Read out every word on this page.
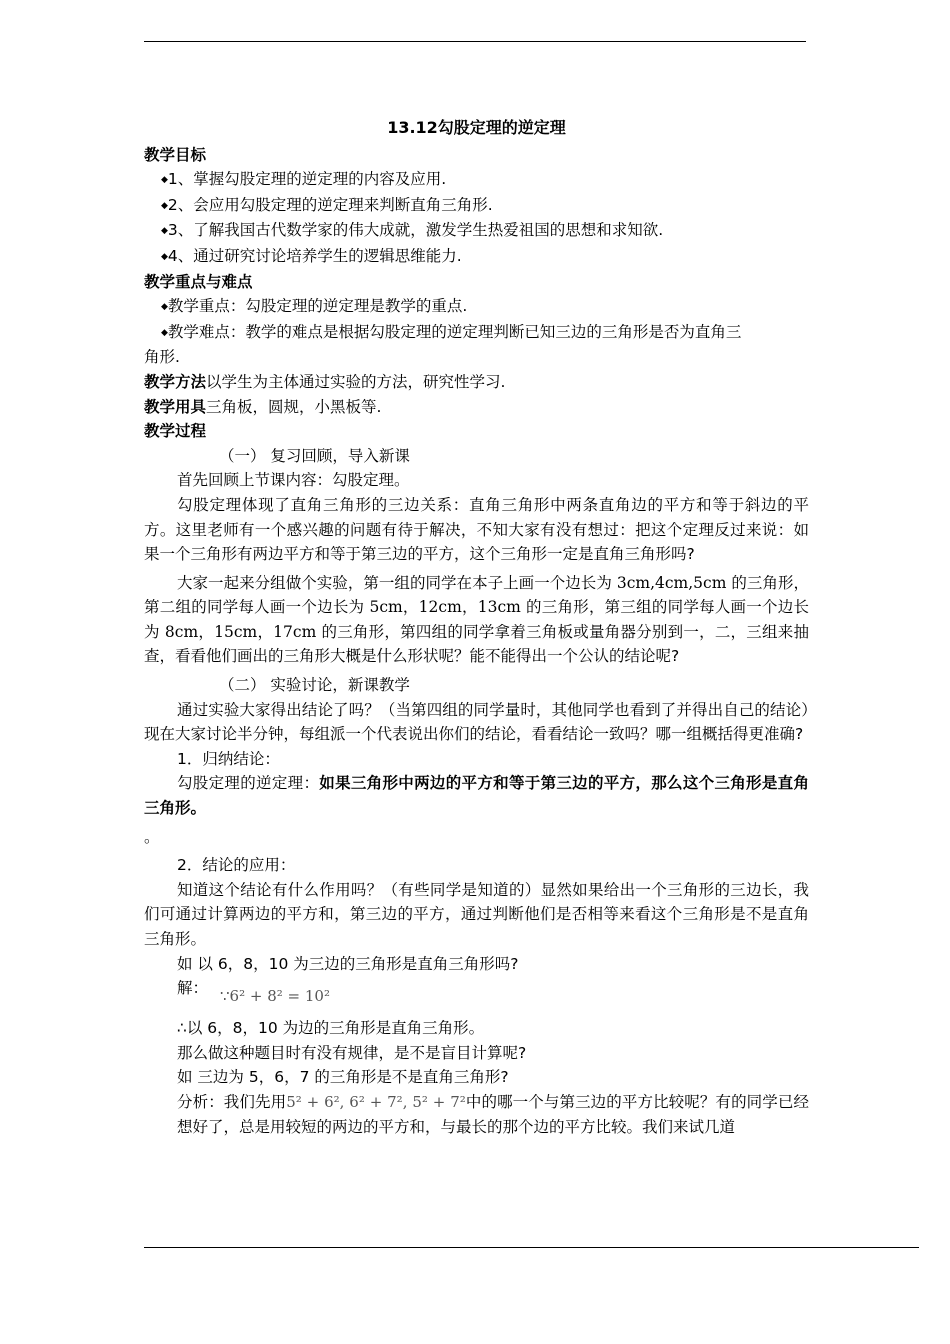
13.12勾股定理的逆定理
教学目标
◆1、掌握勾股定理的逆定理的内容及应用.
◆2、会应用勾股定理的逆定理来判断直角三角形.
◆3、了解我国古代数学家的伟大成就，激发学生热爱祖国的思想和求知欲.
◆4、通过研究讨论培养学生的逻辑思维能力.
教学重点与难点
◆教学重点：勾股定理的逆定理是教学的重点.
◆教学难点：教学的难点是根据勾股定理的逆定理判断已知三边的三角形是否为直角三
角形.
教学方法以学生为主体通过实验的方法，研究性学习.
教学用具三角板，圆规，小黑板等.
教学过程
（一） 复习回顾，导入新课
首先回顾上节课内容：勾股定理。

勾股定理体现了直角三角形的三边关系：直角三角形中两条直角边的平方和等于斜边的平方。这里老师有一个感兴趣的问题有待于解决，不知大家有没有想过：把这个定理反过来说：如果一个三角形有两边平方和等于第三边的平方，这个三角形一定是直角三角形吗?

大家一起来分组做个实验，第一组的同学在本子上画一个边长为 3cm,4cm,5cm 的三角形，第二组的同学每人画一个边长为 5cm，12cm，13cm 的三角形，第三组的同学每人画一个边长为 8cm，15cm，17cm 的三角形，第四组的同学拿着三角板或量角器分别到一，二，三组来抽查，看看他们画出的三角形大概是什么形状呢？能不能得出一个公认的结论呢?

（二） 实验讨论，新课教学

通过实验大家得出结论了吗？（当第四组的同学量时，其他同学也看到了并得出自己的结论）现在大家讨论半分钟，每组派一个代表说出你们的结论，看看结论一致吗？哪一组概括得更准确?

1．归纳结论：

勾股定理的逆定理：如果三角形中两边的平方和等于第三边的平方，那么这个三角形是直角三角形。

。
2．结论的应用：

知道这个结论有什么作用吗？（有些同学是知道的）显然如果给出一个三角形的三边长，我们可通过计算两边的平方和，第三边的平方，通过判断他们是否相等来看这个三角形是不是直角三角形。

如 以 6，8，10 为三边的三角形是直角三角形吗?
解： ∵6² + 8² = 10²
∴以 6，8，10 为边的三角形是直角三角形。
那么做这种题目时有没有规律，是不是盲目计算呢?
如 三边为 5，6，7 的三角形是不是直角三角形?

分析：我们先用5² + 6², 6² + 7², 5² + 7²中的哪一个与第三边的平方比较呢？有的同学已经想好了，总是用较短的两边的平方和，与最长的那个边的平方比较。我们来试几道
